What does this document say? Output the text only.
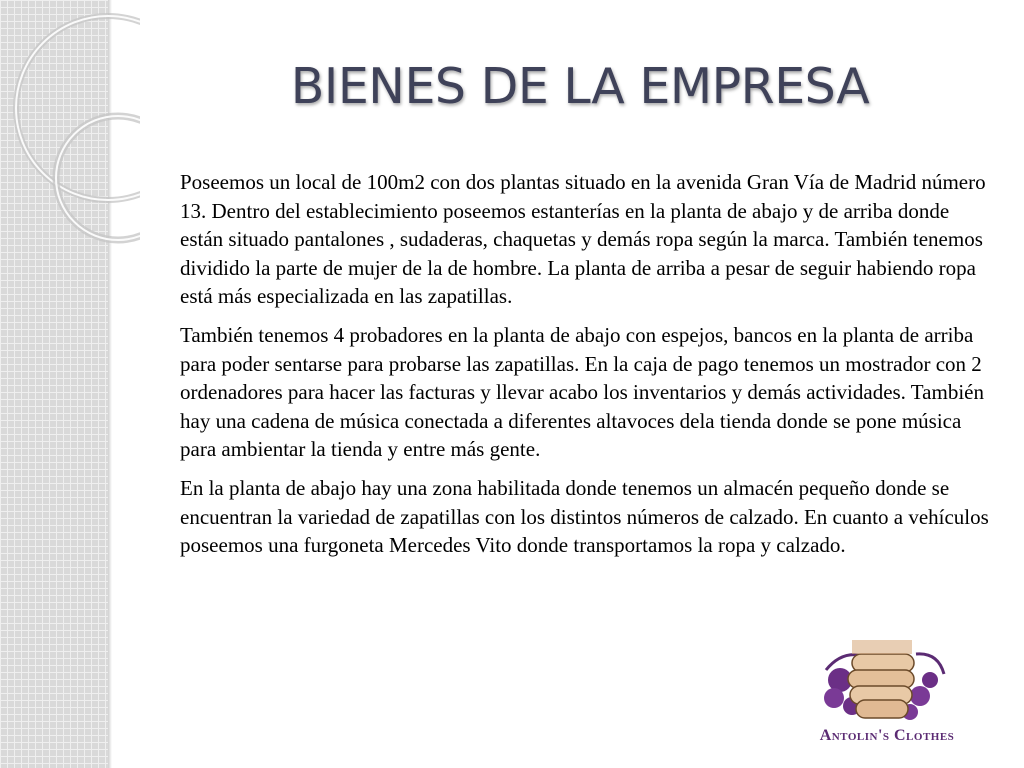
BIENES DE LA EMPRESA

Poseemos un local de 100m2 con dos plantas situado en la avenida Gran Vía de Madrid número 13. Dentro del establecimiento poseemos estanterías en la planta de abajo y de arriba donde están situado pantalones , sudaderas, chaquetas y demás ropa según la marca. También tenemos dividido la parte de mujer de la de hombre. La planta de arriba a pesar de seguir habiendo ropa está más especializada en las zapatillas.

También tenemos 4 probadores en la planta de abajo con espejos, bancos en la planta de arriba para poder sentarse para probarse las zapatillas. En la caja de pago tenemos un mostrador con 2 ordenadores para hacer las facturas y llevar acabo los inventarios y demás actividades. También hay una cadena de música conectada a diferentes altavoces dela tienda donde se pone música para ambientar la tienda y entre más gente.

En la planta de abajo hay una zona habilitada donde tenemos un almacén pequeño donde se encuentran la variedad de zapatillas con los distintos números de calzado. En cuanto a vehículos poseemos una furgoneta Mercedes Vito donde transportamos la ropa y calzado.

Antolin's Clothes
